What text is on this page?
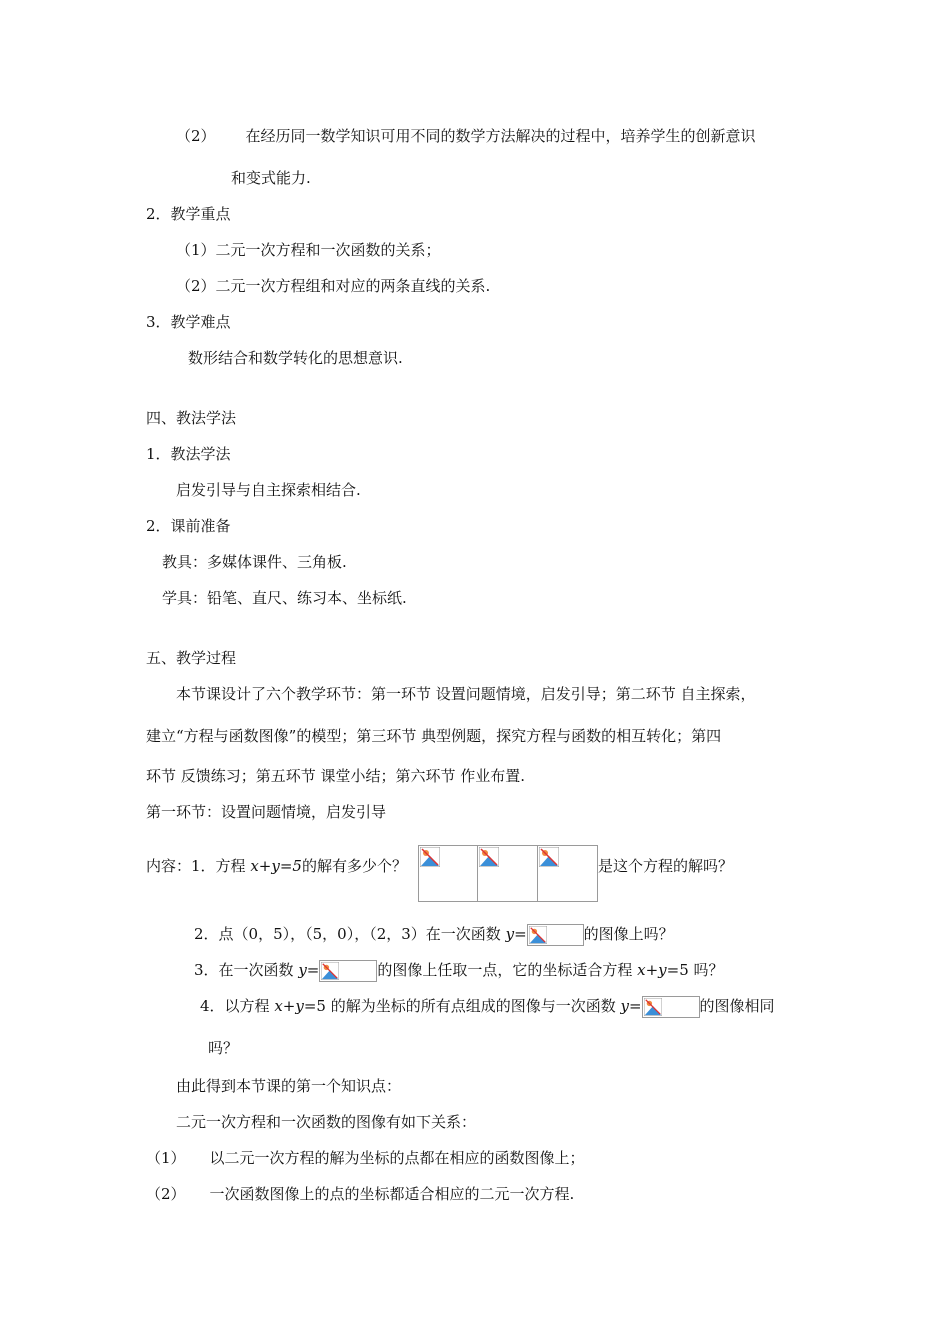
（2） 在经历同一数学知识可用不同的数学方法解决的过程中，培养学生的创新意识
和变式能力.
2．教学重点
（1）二元一次方程和一次函数的关系；
（2）二元一次方程组和对应的两条直线的关系.
3．教学难点
数形结合和数学转化的思想意识.
四、教法学法
1．教法学法
启发引导与自主探索相结合.
2．课前准备
教具：多媒体课件、三角板.
学具：铅笔、直尺、练习本、坐标纸.
五、教学过程
本节课设计了六个教学环节：第一环节 设置问题情境，启发引导；第二环节 自主探索，
建立“方程与函数图像”的模型；第三环节 典型例题，探究方程与函数的相互转化；第四
环节 反馈练习；第五环节 课堂小结；第六环节 作业布置.
第一环节：设置问题情境，启发引导
内容：1．方程 x+y=5的解有多少个？	是这个方程的解吗？
2．点（0，5），（5，0），（2，3）在一次函数 y=	的图像上吗？
3．在一次函数 y=	的图像上任取一点，它的坐标适合方程 x+y=5 吗？
4．以方程 x+y=5 的解为坐标的所有点组成的图像与一次函数 y=	的图像相同
吗？
由此得到本节课的第一个知识点：
二元一次方程和一次函数的图像有如下关系：
（1） 以二元一次方程的解为坐标的点都在相应的函数图像上；
（2） 一次函数图像上的点的坐标都适合相应的二元一次方程.
